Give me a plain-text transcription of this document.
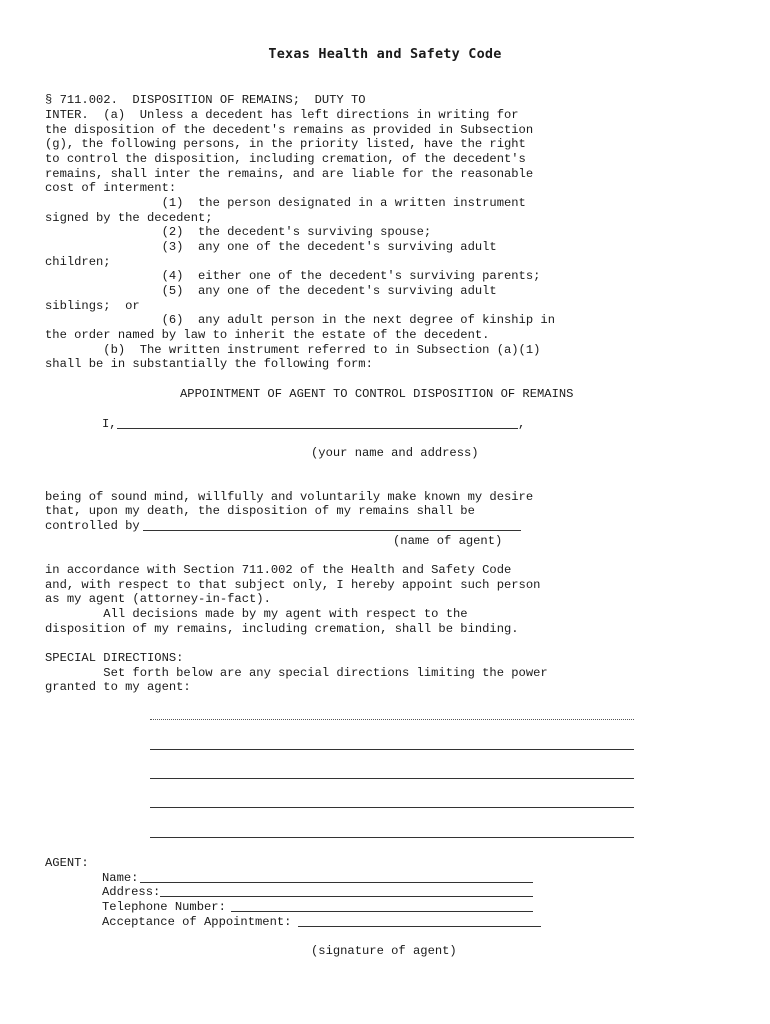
Texas Health and Safety Code
§ 711.002.  DISPOSITION OF REMAINS;  DUTY TO
INTER.  (a)  Unless a decedent has left directions in writing for
the disposition of the decedent's remains as provided in Subsection
(g), the following persons, in the priority listed, have the right
to control the disposition, including cremation, of the decedent's
remains, shall inter the remains, and are liable for the reasonable
cost of interment:
(1)  the person designated in a written instrument
signed by the decedent;
(2)  the decedent's surviving spouse;
(3)  any one of the decedent's surviving adult
children;
(4)  either one of the decedent's surviving parents;
(5)  any one of the decedent's surviving adult
siblings;  or
(6)  any adult person in the next degree of kinship in
the order named by law to inherit the estate of the decedent.
(b)  The written instrument referred to in Subsection (a)(1)
shall be in substantially the following form:
APPOINTMENT OF AGENT TO CONTROL DISPOSITION OF REMAINS
I,	,
(your name and address)
being of sound mind, willfully and voluntarily make known my desire
that, upon my death, the disposition of my remains shall be
controlled by
(name of agent)
in accordance with Section 711.002 of the Health and Safety Code
and, with respect to that subject only, I hereby appoint such person
as my agent (attorney-in-fact).
All decisions made by my agent with respect to the
disposition of my remains, including cremation, shall be binding.
SPECIAL DIRECTIONS:
Set forth below are any special directions limiting the power
granted to my agent:
AGENT:
Name:
Address:
Telephone Number:
Acceptance of Appointment:
(signature of agent)
